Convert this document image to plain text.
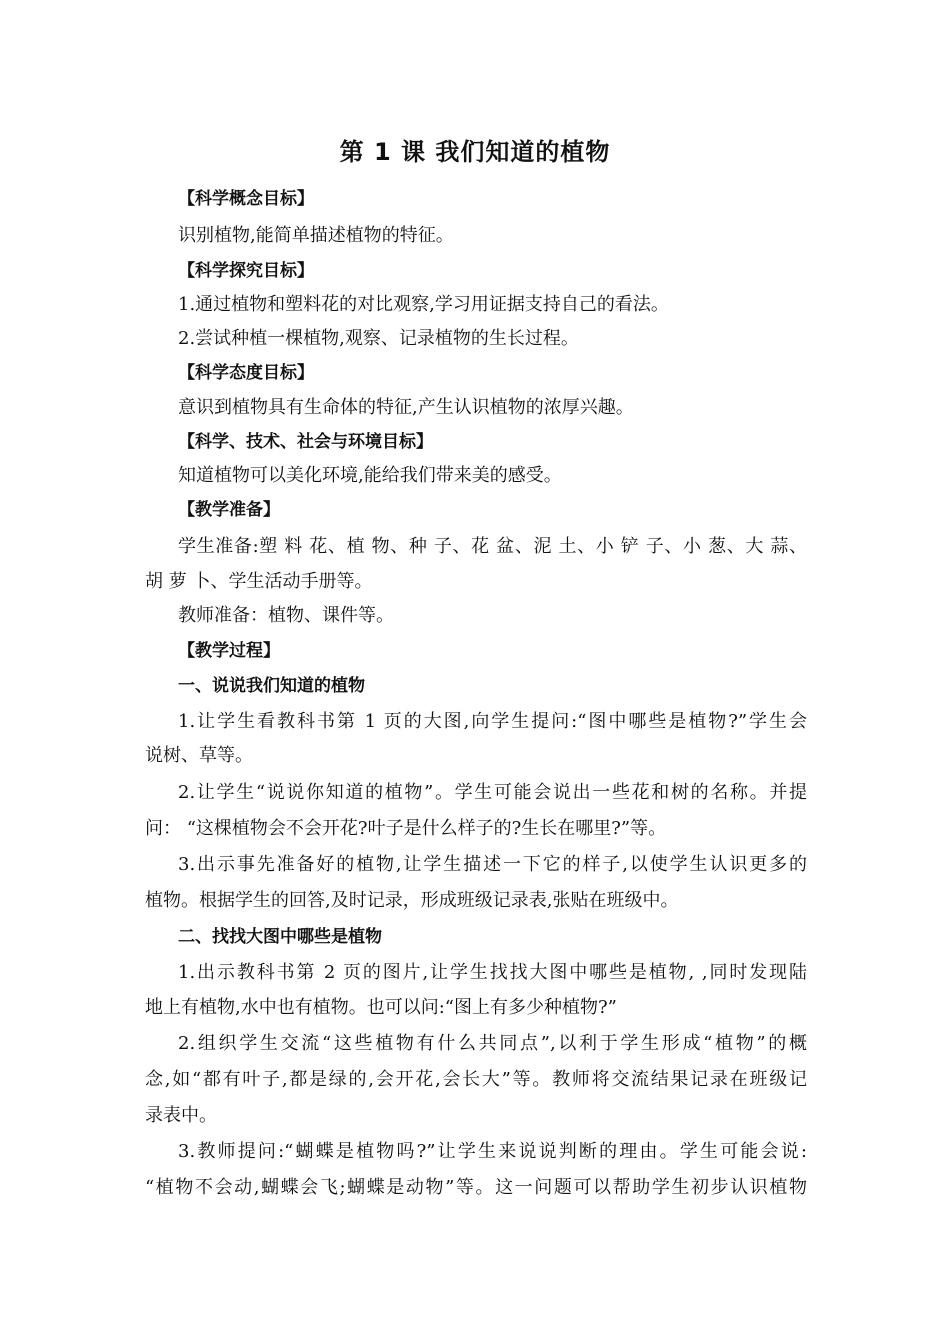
第 1 课 我们知道的植物
【科学概念目标】
识别植物,能简单描述植物的特征。
【科学探究目标】
1.通过植物和塑料花的对比观察,学习用证据支持自己的看法。
2.尝试种植一棵植物,观察、记录植物的生长过程。
【科学态度目标】
意识到植物具有生命体的特征,产生认识植物的浓厚兴趣。
【科学、技术、社会与环境目标】
知道植物可以美化环境,能给我们带来美的感受。
【教学准备】
学生准备:塑 料 花、植 物、种 子、花 盆、泥 土、小 铲 子、小 葱、大 蒜、
胡 萝 卜、学生活动手册等。
教师准备：植物、课件等。
【教学过程】
一、说说我们知道的植物
1.让学生看教科书第 1 页的大图,向学生提问:“图中哪些是植物?”学生会
说树、草等。
2.让学生“说说你知道的植物”。学生可能会说出一些花和树的名称。并提
问： “这棵植物会不会开花?叶子是什么样子的?生长在哪里?”等。
3.出示事先准备好的植物,让学生描述一下它的样子,以使学生认识更多的
植物。根据学生的回答,及时记录，形成班级记录表,张贴在班级中。
二、找找大图中哪些是植物
1.出示教科书第 2 页的图片,让学生找找大图中哪些是植物, ,同时发现陆
地上有植物,水中也有植物。也可以问:“图上有多少种植物?”
2.组织学生交流“这些植物有什么共同点”,以利于学生形成“植物”的概
念,如“都有叶子,都是绿的,会开花,会长大”等。教师将交流结果记录在班级记
录表中。
3.教师提问:“蝴蝶是植物吗?”让学生来说说判断的理由。学生可能会说:
“植物不会动,蝴蝶会飞;蝴蝶是动物”等。这一问题可以帮助学生初步认识植物
